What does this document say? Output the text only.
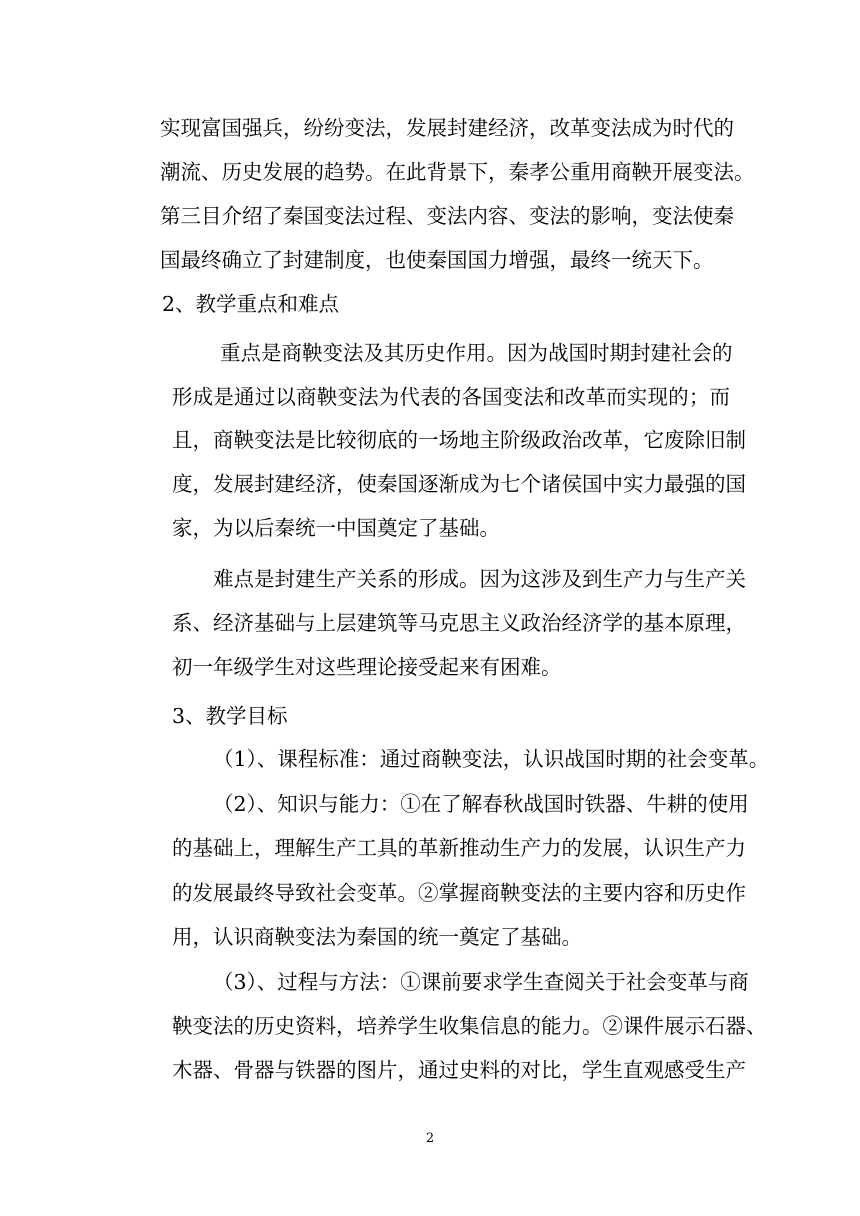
实现富国强兵，纷纷变法，发展封建经济，改革变法成为时代的
潮流、历史发展的趋势。在此背景下，秦孝公重用商鞅开展变法。
第三目介绍了秦国变法过程、变法内容、变法的影响，变法使秦
国最终确立了封建制度，也使秦国国力增强，最终一统天下。
2、教学重点和难点
重点是商鞅变法及其历史作用。因为战国时期封建社会的
形成是通过以商鞅变法为代表的各国变法和改革而实现的；而
且，商鞅变法是比较彻底的一场地主阶级政治改革，它废除旧制
度，发展封建经济，使秦国逐渐成为七个诸侯国中实力最强的国
家，为以后秦统一中国奠定了基础。
难点是封建生产关系的形成。因为这涉及到生产力与生产关
系、经济基础与上层建筑等马克思主义政治经济学的基本原理，
初一年级学生对这些理论接受起来有困难。
3、教学目标
（1）、课程标准：通过商鞅变法，认识战国时期的社会变革。
（2）、知识与能力：①在了解春秋战国时铁器、牛耕的使用
的基础上，理解生产工具的革新推动生产力的发展，认识生产力
的发展最终导致社会变革。②掌握商鞅变法的主要内容和历史作
用，认识商鞅变法为秦国的统一奠定了基础。
（3）、过程与方法：①课前要求学生查阅关于社会变革与商
鞅变法的历史资料，培养学生收集信息的能力。②课件展示石器、
木器、骨器与铁器的图片，通过史料的对比，学生直观感受生产
2
